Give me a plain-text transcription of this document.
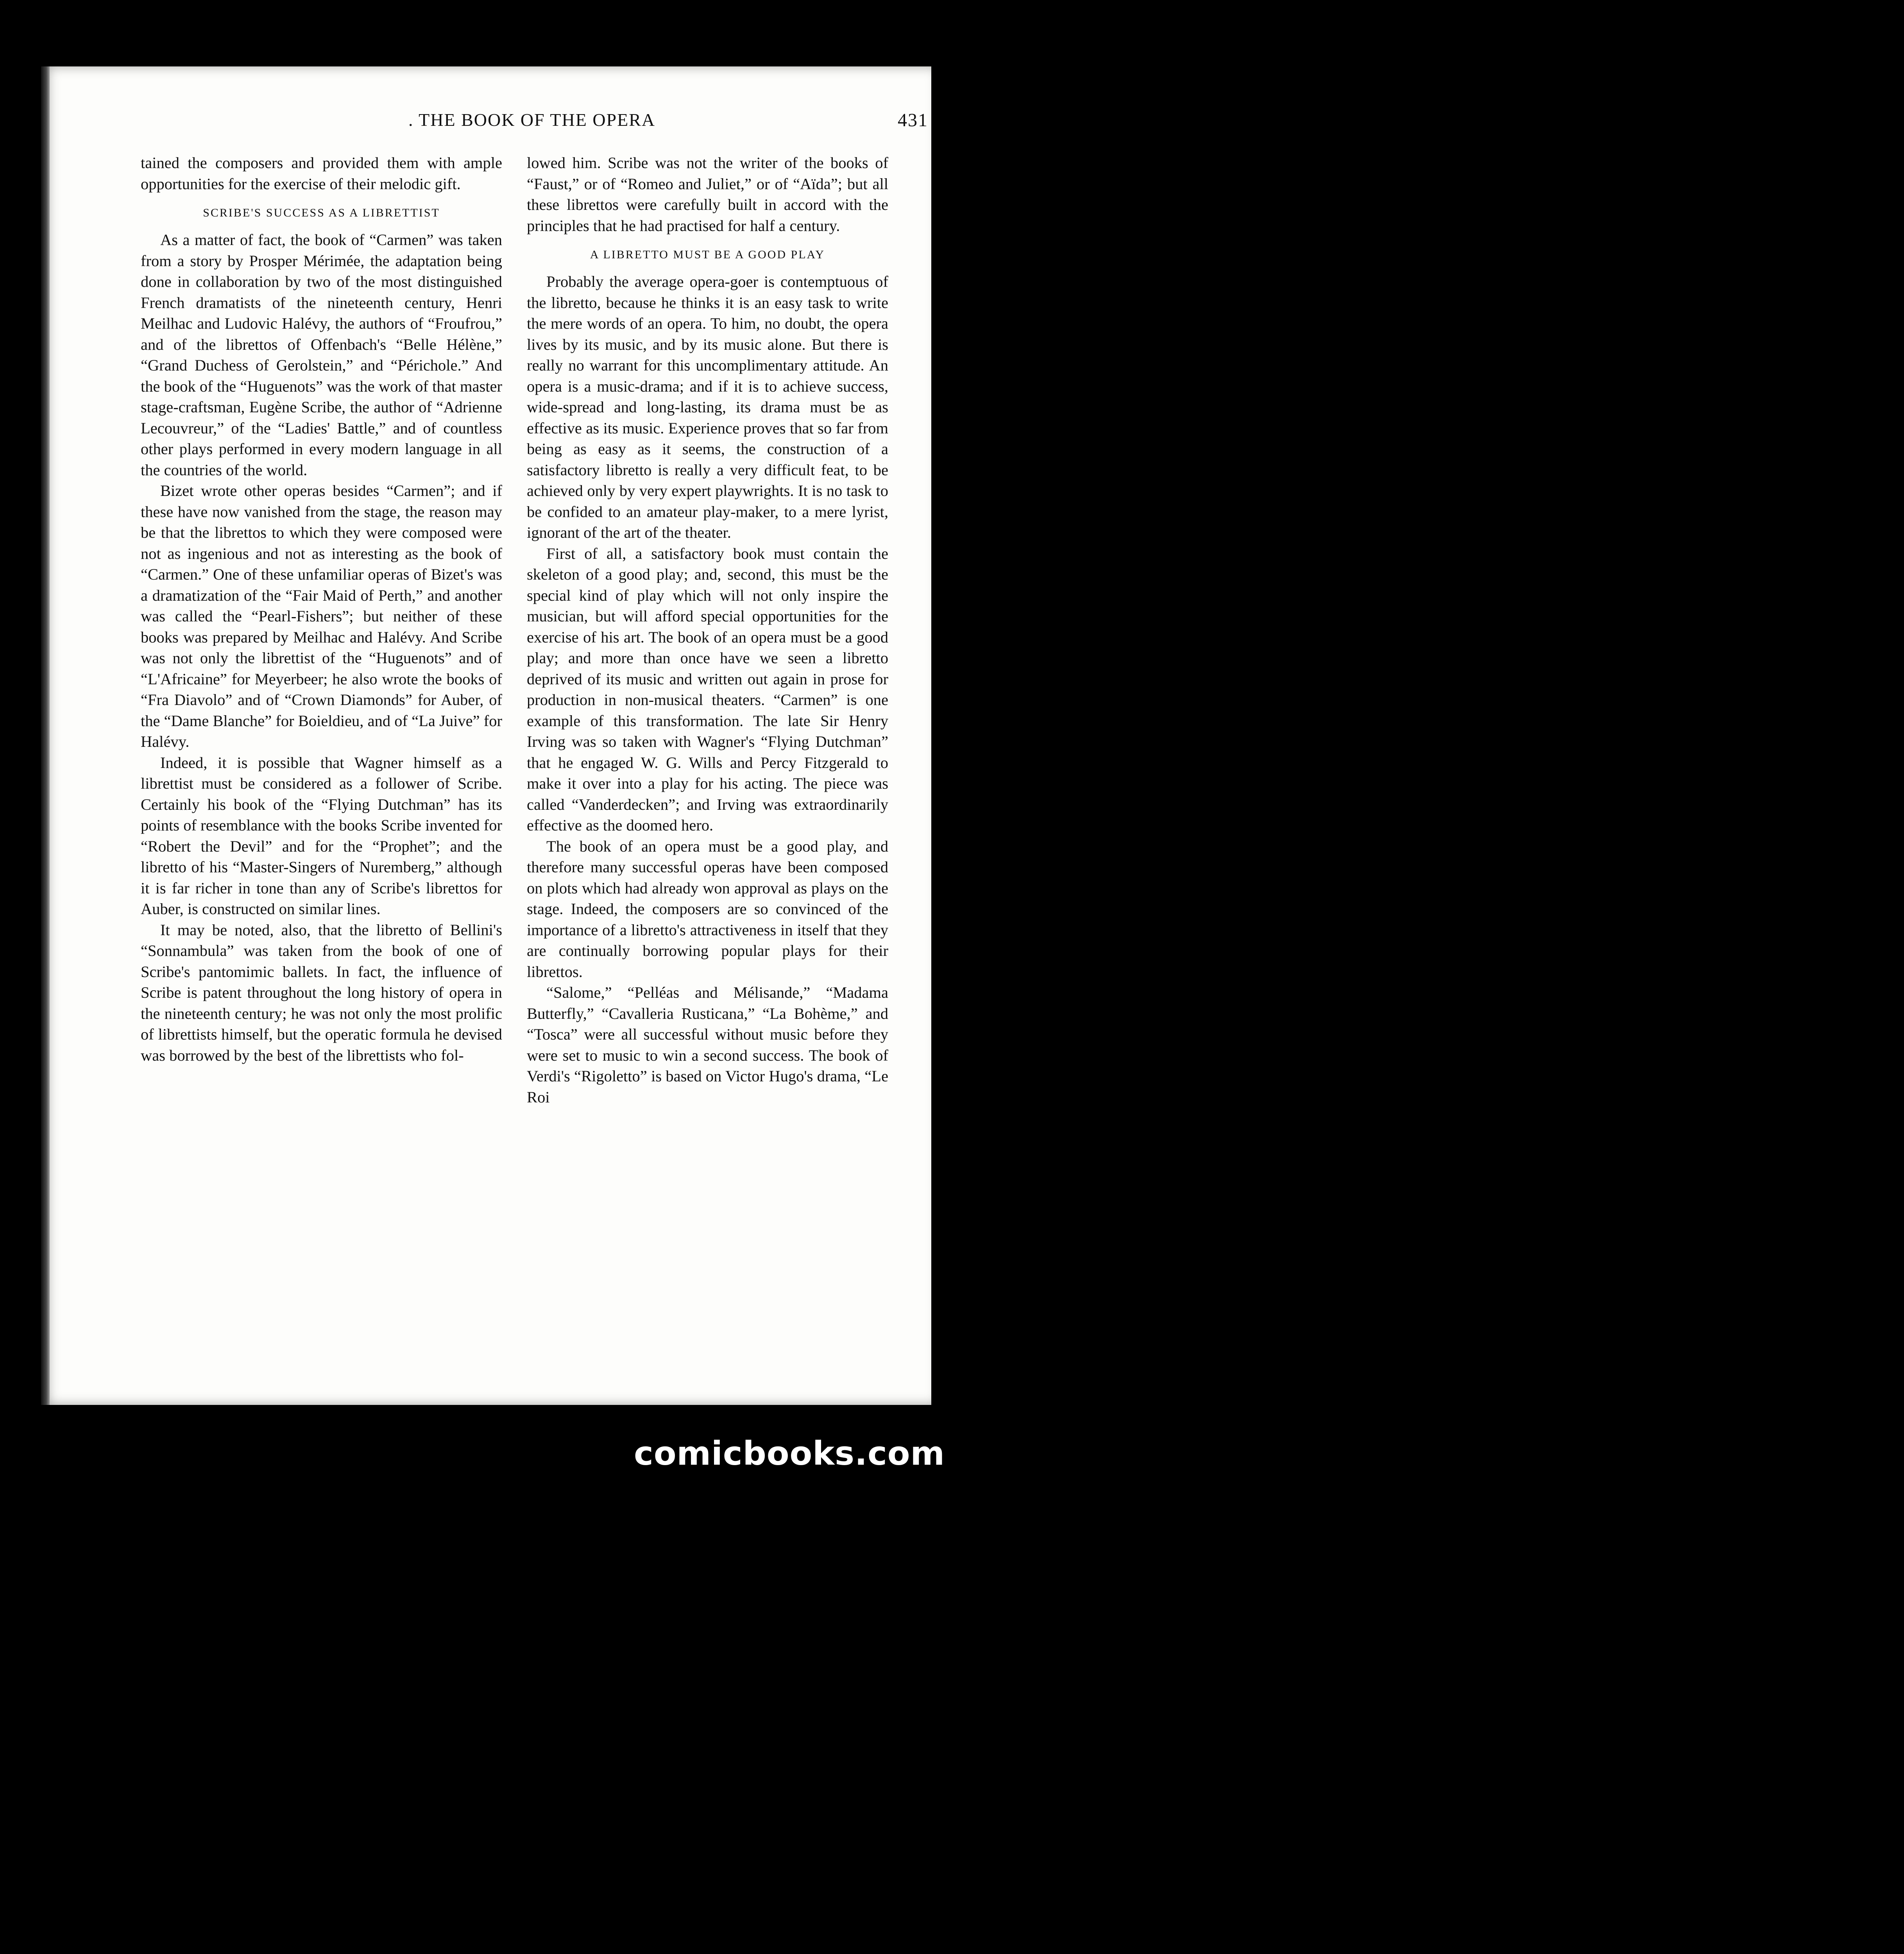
. THE BOOK OF THE OPERA	431

tained the composers and provided them with ample opportunities for the exercise of their melodic gift.

SCRIBE'S SUCCESS AS A LIBRETTIST

As a matter of fact, the book of “Carmen” was taken from a story by Prosper Mérimée, the adaptation being done in collaboration by two of the most distinguished French dramatists of the nineteenth century, Henri Meilhac and Ludovic Halévy, the authors of “Froufrou,” and of the librettos of Offenbach's “Belle Hélène,” “Grand Duchess of Gerolstein,” and “Périchole.” And the book of the “Huguenots” was the work of that master stage-craftsman, Eugène Scribe, the author of “Adrienne Lecouvreur,” of the “Ladies' Battle,” and of countless other plays performed in every modern language in all the countries of the world.

Bizet wrote other operas besides “Carmen”; and if these have now vanished from the stage, the reason may be that the librettos to which they were composed were not as ingenious and not as interesting as the book of “Carmen.” One of these unfamiliar operas of Bizet's was a dramatization of the “Fair Maid of Perth,” and another was called the “Pearl-Fishers”; but neither of these books was prepared by Meilhac and Halévy. And Scribe was not only the librettist of the “Huguenots” and of “L'Africaine” for Meyerbeer; he also wrote the books of “Fra Diavolo” and of “Crown Diamonds” for Auber, of the “Dame Blanche” for Boieldieu, and of “La Juive” for Halévy.

Indeed, it is possible that Wagner himself as a librettist must be considered as a follower of Scribe. Certainly his book of the “Flying Dutchman” has its points of resemblance with the books Scribe invented for “Robert the Devil” and for the “Prophet”; and the libretto of his “Master-Singers of Nuremberg,” although it is far richer in tone than any of Scribe's librettos for Auber, is constructed on similar lines.

It may be noted, also, that the libretto of Bellini's “Sonnambula” was taken from the book of one of Scribe's pantomimic ballets. In fact, the influence of Scribe is patent throughout the long history of opera in the nineteenth century; he was not only the most prolific of librettists himself, but the operatic formula he devised was borrowed by the best of the librettists who fol-

lowed him. Scribe was not the writer of the books of “Faust,” or of “Romeo and Juliet,” or of “Aïda”; but all these librettos were carefully built in accord with the principles that he had practised for half a century.

A LIBRETTO MUST BE A GOOD PLAY

Probably the average opera-goer is contemptuous of the libretto, because he thinks it is an easy task to write the mere words of an opera. To him, no doubt, the opera lives by its music, and by its music alone. But there is really no warrant for this uncomplimentary attitude. An opera is a music-drama; and if it is to achieve success, wide-spread and long-lasting, its drama must be as effective as its music. Experience proves that so far from being as easy as it seems, the construction of a satisfactory libretto is really a very difficult feat, to be achieved only by very expert playwrights. It is no task to be confided to an amateur play-maker, to a mere lyrist, ignorant of the art of the theater.

First of all, a satisfactory book must contain the skeleton of a good play; and, second, this must be the special kind of play which will not only inspire the musician, but will afford special opportunities for the exercise of his art. The book of an opera must be a good play; and more than once have we seen a libretto deprived of its music and written out again in prose for production in non-musical theaters. “Carmen” is one example of this transformation. The late Sir Henry Irving was so taken with Wagner's “Flying Dutchman” that he engaged W. G. Wills and Percy Fitzgerald to make it over into a play for his acting. The piece was called “Vanderdecken”; and Irving was extraordinarily effective as the doomed hero.

The book of an opera must be a good play, and therefore many successful operas have been composed on plots which had already won approval as plays on the stage. Indeed, the composers are so convinced of the importance of a libretto's attractiveness in itself that they are continually borrowing popular plays for their librettos.

“Salome,” “Pelléas and Mélisande,” “Madama Butterfly,” “Cavalleria Rusticana,” “La Bohème,” and “Tosca” were all successful without music before they were set to music to win a second success. The book of Verdi's “Rigoletto” is based on Victor Hugo's drama, “Le Roi

comicbooks.com
